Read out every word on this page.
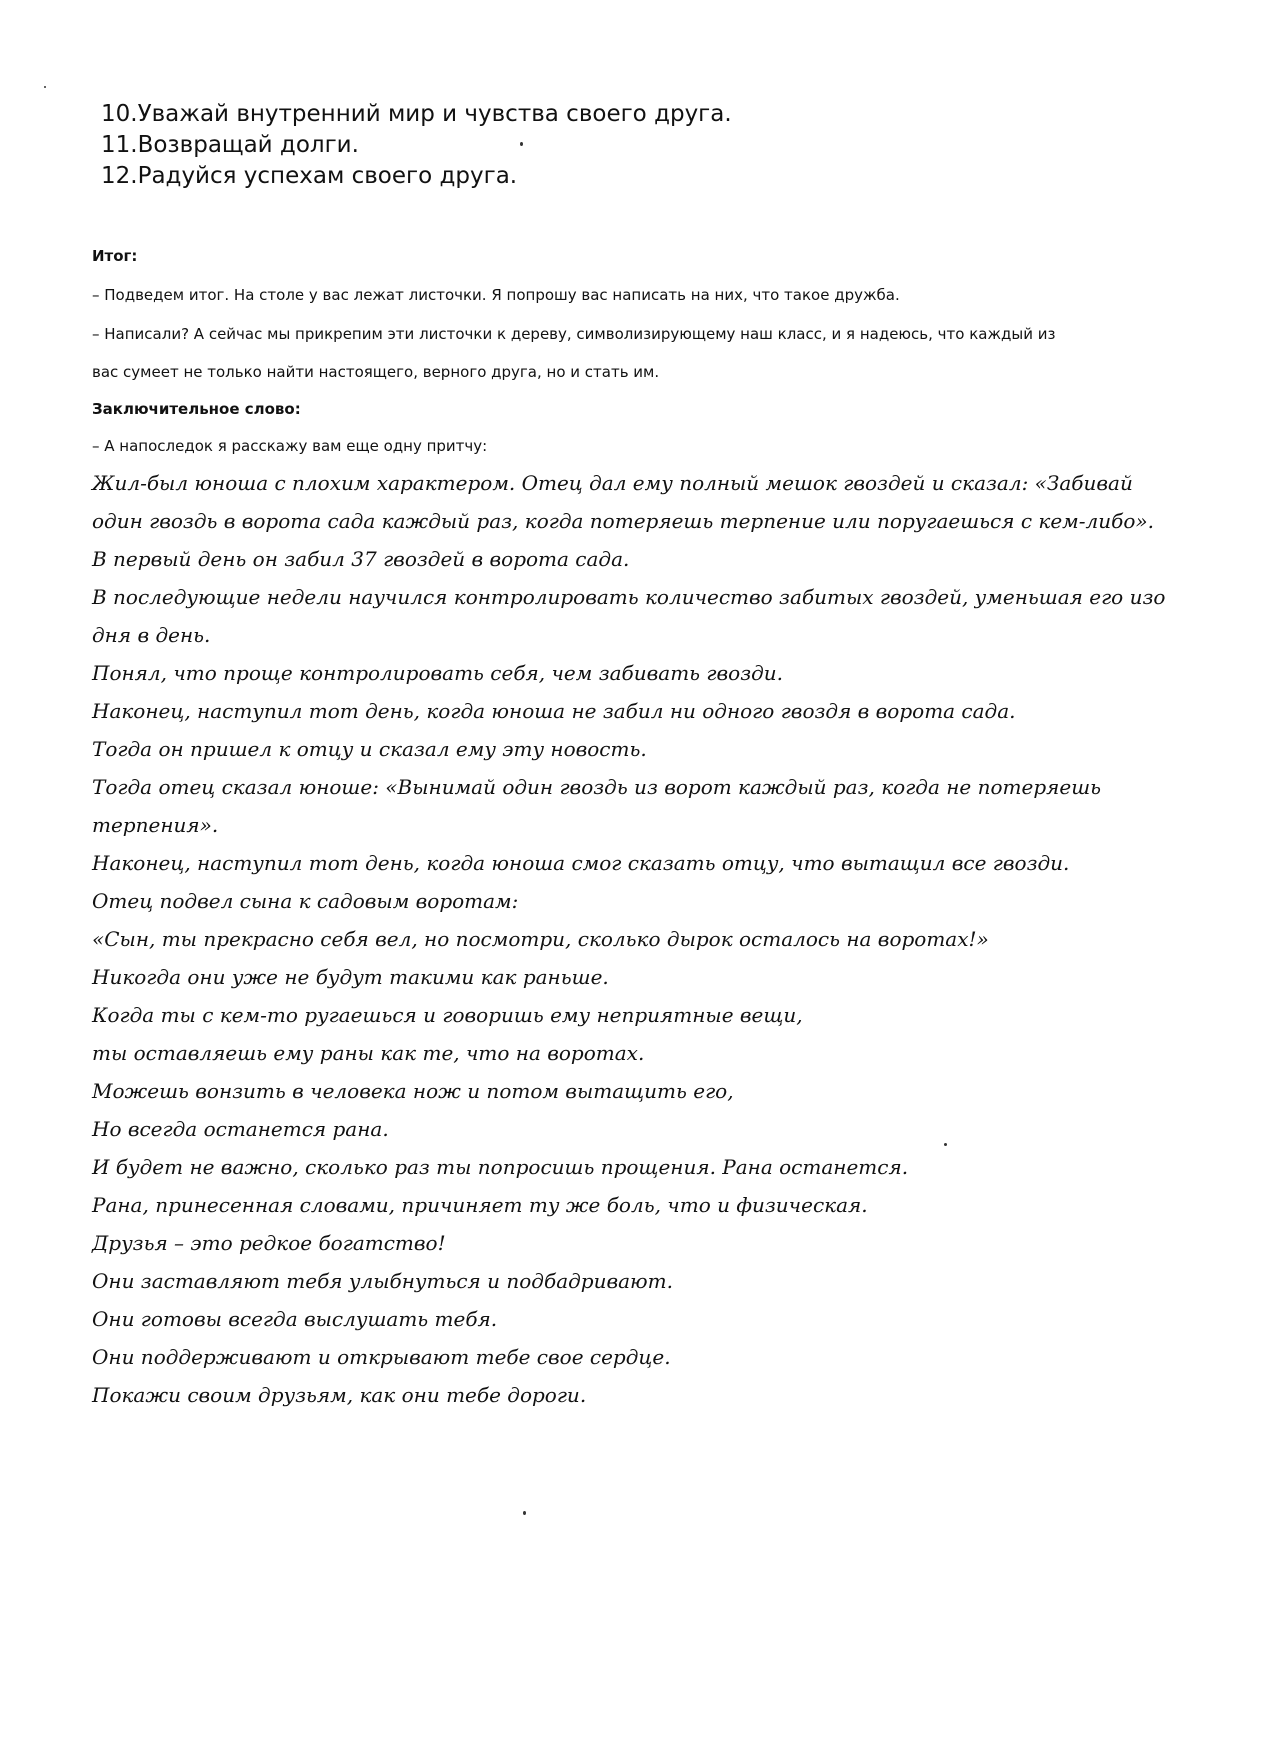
10.Уважай внутренний мир и чувства своего друга.
11.Возвращай долги.
12.Радуйся успехам своего друга.

Итог:

– Подведем итог. На столе у вас лежат листочки. Я попрошу вас написать на них, что такое дружба.

– Написали? А сейчас мы прикрепим эти листочки к дереву, символизирующему наш класс, и я надеюсь, что каждый из

вас сумеет не только найти настоящего, верного друга, но и стать им.

Заключительное слово:

– А напоследок я расскажу вам еще одну притчу:

Жил-был юноша с плохим характером. Отец дал ему полный мешок гвоздей и сказал: «Забивай
один гвоздь в ворота сада каждый раз, когда потеряешь терпение или поругаешься с кем-либо».
В первый день он забил 37 гвоздей в ворота сада.
В последующие недели научился контролировать количество забитых гвоздей, уменьшая его изо
дня в день.
Понял, что проще контролировать себя, чем забивать гвозди.
Наконец, наступил тот день, когда юноша не забил ни одного гвоздя в ворота сада.
Тогда он пришел к отцу и сказал ему эту новость.
Тогда отец сказал юноше: «Вынимай один гвоздь из ворот каждый раз, когда не потеряешь
терпения».
Наконец, наступил тот день, когда юноша смог сказать отцу, что вытащил все гвозди.
Отец подвел сына к садовым воротам:
«Сын, ты прекрасно себя вел, но посмотри, сколько дырок осталось на воротах!»
Никогда они уже не будут такими как раньше.
Когда ты с кем-то ругаешься и говоришь ему неприятные вещи,
ты оставляешь ему раны как те, что на воротах.
Можешь вонзить в человека нож и потом вытащить его,
Но всегда останется рана.
И будет не важно, сколько раз ты попросишь прощения. Рана останется.
Рана, принесенная словами, причиняет ту же боль, что и физическая.
Друзья – это редкое богатство!
Они заставляют тебя улыбнуться и подбадривают.
Они готовы всегда выслушать тебя.
Они поддерживают и открывают тебе свое сердце.
Покажи своим друзьям, как они тебе дороги.
